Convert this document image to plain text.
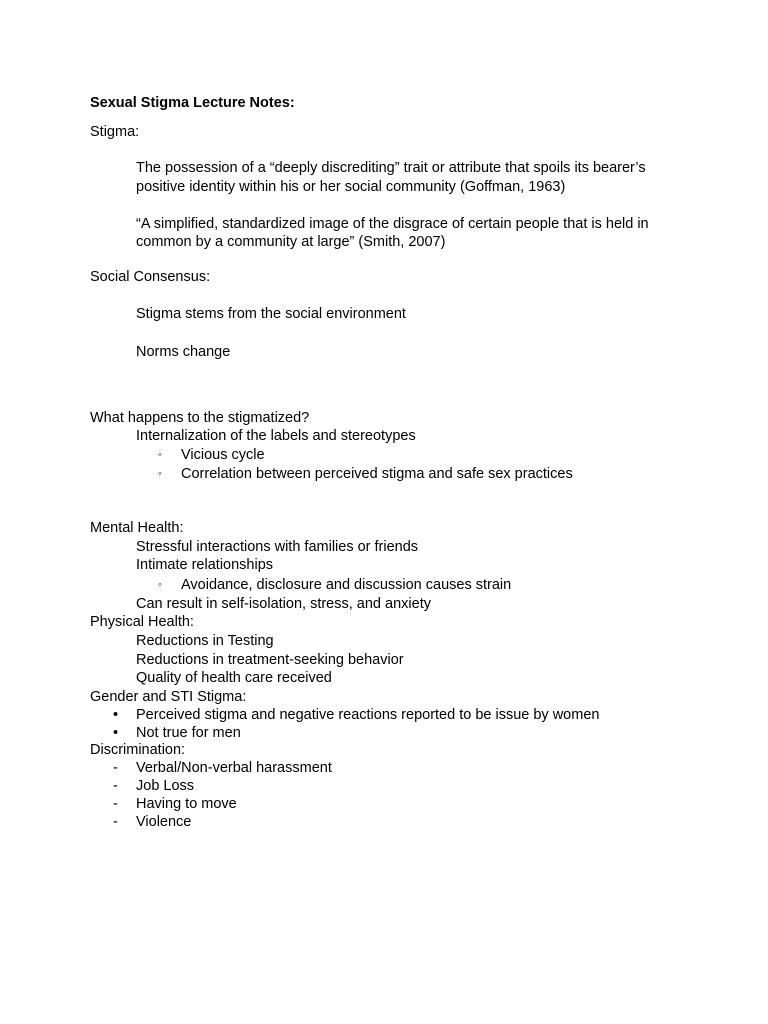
Sexual Stigma Lecture Notes:
Stigma:
The possession of a “deeply discrediting” trait or attribute that spoils its bearer’s
positive identity within his or her social community (Goffman, 1963)
“A simplified, standardized image of the disgrace of certain people that is held in
common by a community at large” (Smith, 2007)
Social Consensus:
Stigma stems from the social environment
Norms change
What happens to the stigmatized?
Internalization of the labels and stereotypes
◦ Vicious cycle
◦ Correlation between perceived stigma and safe sex practices
Mental Health:
Stressful interactions with families or friends
Intimate relationships
◦ Avoidance, disclosure and discussion causes strain
Can result in self-isolation, stress, and anxiety
Physical Health:
Reductions in Testing
Reductions in treatment-seeking behavior
Quality of health care received
Gender and STI Stigma:
• Perceived stigma and negative reactions reported to be issue by women
• Not true for men
Discrimination:
- Verbal/Non-verbal harassment
- Job Loss
- Having to move
- Violence
